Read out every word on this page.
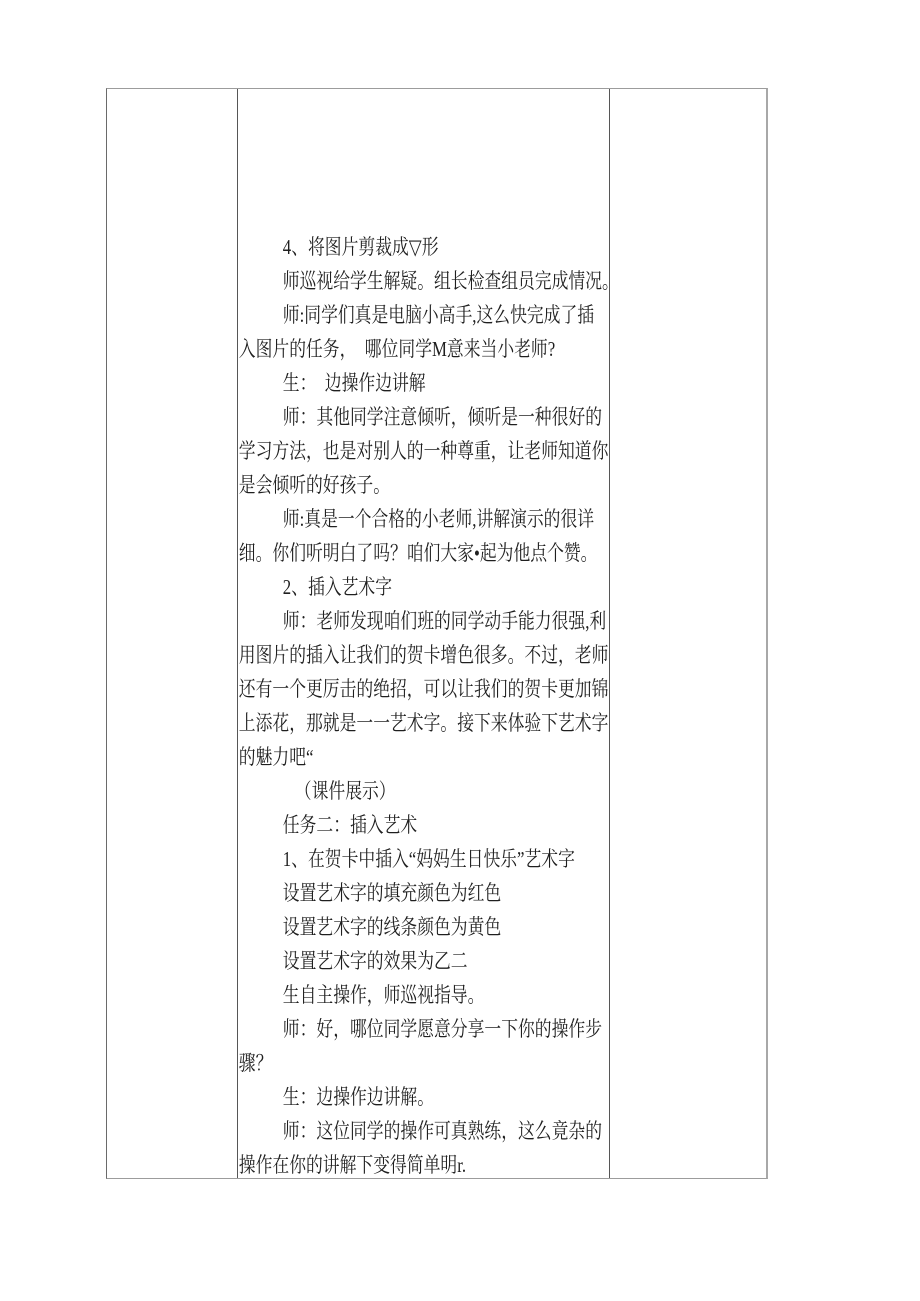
4、将图片剪裁成▽形
师巡视给学生解疑。组长检查组员完成情况。
师:同学们真是电脑小高手,这么快完成了插
入图片的任务，　哪位同学M意来当小老师?
生：　边操作边讲解
师：其他同学注意倾听，倾听是一种很好的
学习方法，也是对别人的一种尊重，让老师知道你
是会倾听的好孩子。
师:真是一个合格的小老师,讲解演示的很详
细。你们听明白了吗？咱们大家•起为他点个赞。
2、插入艺术字
师：老师发现咱们班的同学动手能力很强,利
用图片的插入让我们的贺卡增色很多。不过，老师
还有一个更厉击的绝招，可以让我们的贺卡更加锦
上添花，那就是一一艺术字。接下来体验下艺术字
的魅力吧“
（课件展示）
任务二：插入艺术
1、在贺卡中插入“妈妈生日快乐”艺术字
设置艺术字的填充颜色为红色
设置艺术字的线条颜色为黄色
设置艺术字的效果为乙二
生自主操作，师巡视指导。
师：好，哪位同学愿意分享一下你的操作步
骤？
生：边操作边讲解。
师：这位同学的操作可真熟练，这么竟杂的
操作在你的讲解下变得简单明r.
